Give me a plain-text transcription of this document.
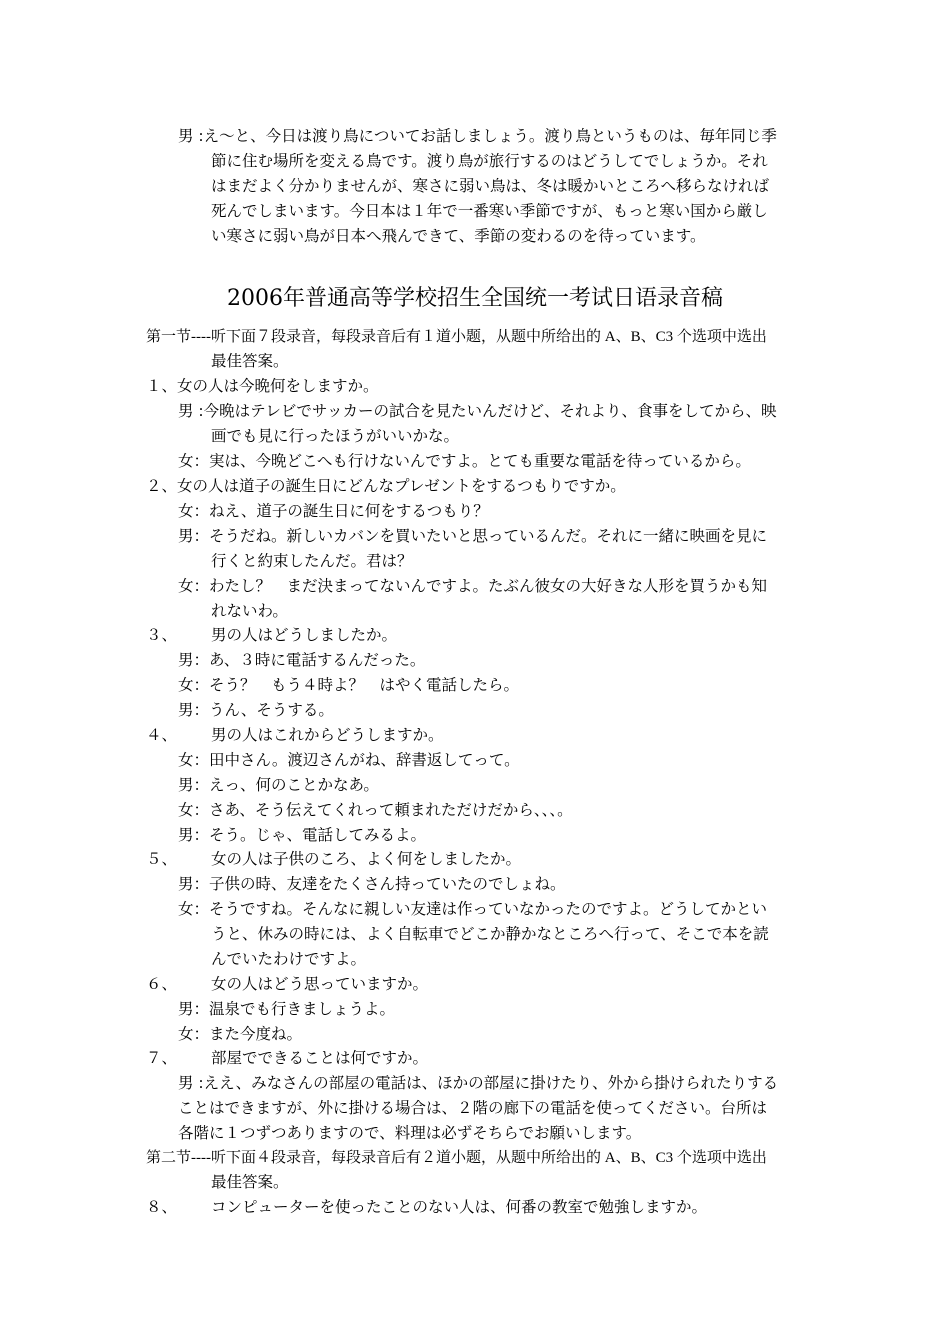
男 :え～と、今日は渡り鳥についてお話しましょう。渡り鳥というものは、毎年同じ季
節に住む場所を変える鳥です。渡り鳥が旅行するのはどうしてでしょうか。それ
はまだよく分かりませんが、寒さに弱い鳥は、冬は暖かいところへ移らなければ
死んでしまいます。今日本は１年で一番寒い季節ですが、もっと寒い国から厳し
い寒さに弱い鳥が日本へ飛んできて、季節の変わるのを待っています。
2006年普通高等学校招生全国统一考试日语录音稿
第一节----听下面７段录音，每段录音后有１道小题，从题中所给出的 A、B、C3 个选项中选出
最佳答案。
１、女の人は今晩何をしますか。
男 :今晩はテレビでサッカーの試合を見たいんだけど、それより、食事をしてから、映
画でも見に行ったほうがいいかな。
女：実は、今晩どこへも行けないんですよ。とても重要な電話を待っているから。
２、女の人は道子の誕生日にどんなプレゼントをするつもりですか。
女：ねえ、道子の誕生日に何をするつもり？
男：そうだね。新しいカバンを買いたいと思っているんだ。それに一緒に映画を見に
行くと約束したんだ。君は？
女：わたし？　まだ決まってないんですよ。たぶん彼女の大好きな人形を買うかも知
れないわ。
３、 男の人はどうしましたか。
男：あ、３時に電話するんだった。
女：そう？　もう４時よ？　はやく電話したら。
男：うん、そうする。
４、 男の人はこれからどうしますか。
女：田中さん。渡辺さんがね、辞書返してって。
男：えっ、何のことかなあ。
女：さあ、そう伝えてくれって頼まれただけだから、、、。
男：そう。じゃ、電話してみるよ。
５、 女の人は子供のころ、よく何をしましたか。
男：子供の時、友達をたくさん持っていたのでしょね。
女：そうですね。そんなに親しい友達は作っていなかったのですよ。どうしてかとい
うと、休みの時には、よく自転車でどこか静かなところへ行って、そこで本を読
んでいたわけですよ。
６、 女の人はどう思っていますか。
男：温泉でも行きましょうよ。
女：また今度ね。
７、 部屋でできることは何ですか。
男 :ええ、みなさんの部屋の電話は、ほかの部屋に掛けたり、外から掛けられたりする
ことはできますが、外に掛ける場合は、２階の廊下の電話を使ってください。台所は
各階に１つずつありますので、料理は必ずそちらでお願いします。
第二节----听下面４段录音，每段录音后有２道小题，从题中所给出的 A、B、C3 个选项中选出
最佳答案。
８、 コンピューターを使ったことのない人は、何番の教室で勉強しますか。
